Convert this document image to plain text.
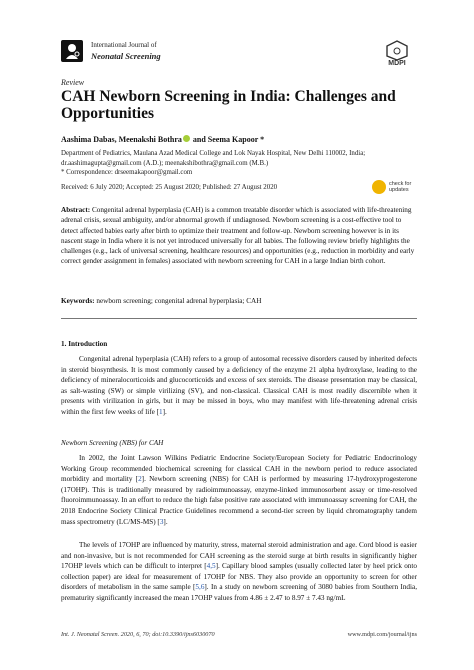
International Journal of
Neonatal Screening
MDPI
Review
CAH Newborn Screening in India: Challenges and Opportunities
Aashima Dabas, Meenakshi Bothra and Seema Kapoor *
Department of Pediatrics, Maulana Azad Medical College and Lok Nayak Hospital, New Delhi 110002, India; dr.aashimagupta@gmail.com (A.D.); meenakshibothra@gmail.com (M.B.)
* Correspondence: drseemakapoor@gmail.com
Received: 6 July 2020; Accepted: 25 August 2020; Published: 27 August 2020	check for updates
Abstract: Congenital adrenal hyperplasia (CAH) is a common treatable disorder which is associated with life-threatening adrenal crisis, sexual ambiguity, and/or abnormal growth if undiagnosed. Newborn screening is a cost-effective tool to detect affected babies early after birth to optimize their treatment and follow-up. Newborn screening however is in its nascent stage in India where it is not yet introduced universally for all babies. The following review briefly highlights the challenges (e.g., lack of universal screening, healthcare resources) and opportunities (e.g., reduction in morbidity and early correct gender assignment in females) associated with newborn screening for CAH in a large Indian birth cohort.
Keywords: newborn screening; congenital adrenal hyperplasia; CAH
1. Introduction
Congenital adrenal hyperplasia (CAH) refers to a group of autosomal recessive disorders caused by inherited defects in steroid biosynthesis. It is most commonly caused by a deficiency of the enzyme 21 alpha hydroxylase, leading to the deficiency of mineralocorticoids and glucocorticoids and excess of sex steroids. The disease presentation may be classical, as salt-wasting (SW) or simple virilizing (SV), and non-classical. Classical CAH is most readily discernible when it presents with virilization in girls, but it may be missed in boys, who may manifest with life-threatening adrenal crisis within the first few weeks of life [1].
Newborn Screening (NBS) for CAH
In 2002, the Joint Lawson Wilkins Pediatric Endocrine Society/European Society for Pediatric Endocrinology Working Group recommended biochemical screening for classical CAH in the newborn period to reduce associated morbidity and mortality [2]. Newborn screening (NBS) for CAH is performed by measuring 17-hydroxyprogesterone (17OHP). This is traditionally measured by radioimmunoassay, enzyme-linked immunosorbent assay or time-resolved fluoroimmunoassay. In an effort to reduce the high false positive rate associated with immunoassay screening for CAH, the 2018 Endocrine Society Clinical Practice Guidelines recommend a second-tier screen by liquid chromatography tandem mass spectrometry (LC/MS-MS) [3].
The levels of 17OHP are influenced by maturity, stress, maternal steroid administration and age. Cord blood is easier and non-invasive, but is not recommended for CAH screening as the steroid surge at birth results in significantly higher 17OHP levels which can be difficult to interpret [4,5]. Capillary blood samples (usually collected later by heel prick onto collection paper) are ideal for measurement of 17OHP for NBS. They also provide an opportunity to screen for other disorders of metabolism in the same sample [5,6]. In a study on newborn screening of 3080 babies from Southern India, prematurity significantly increased the mean 17OHP values from 4.86 ± 2.47 to 8.97 ± 7.43 ng/mL
Int. J. Neonatal Screen. 2020, 6, 70; doi:10.3390/ijns6030070	www.mdpi.com/journal/ijns
